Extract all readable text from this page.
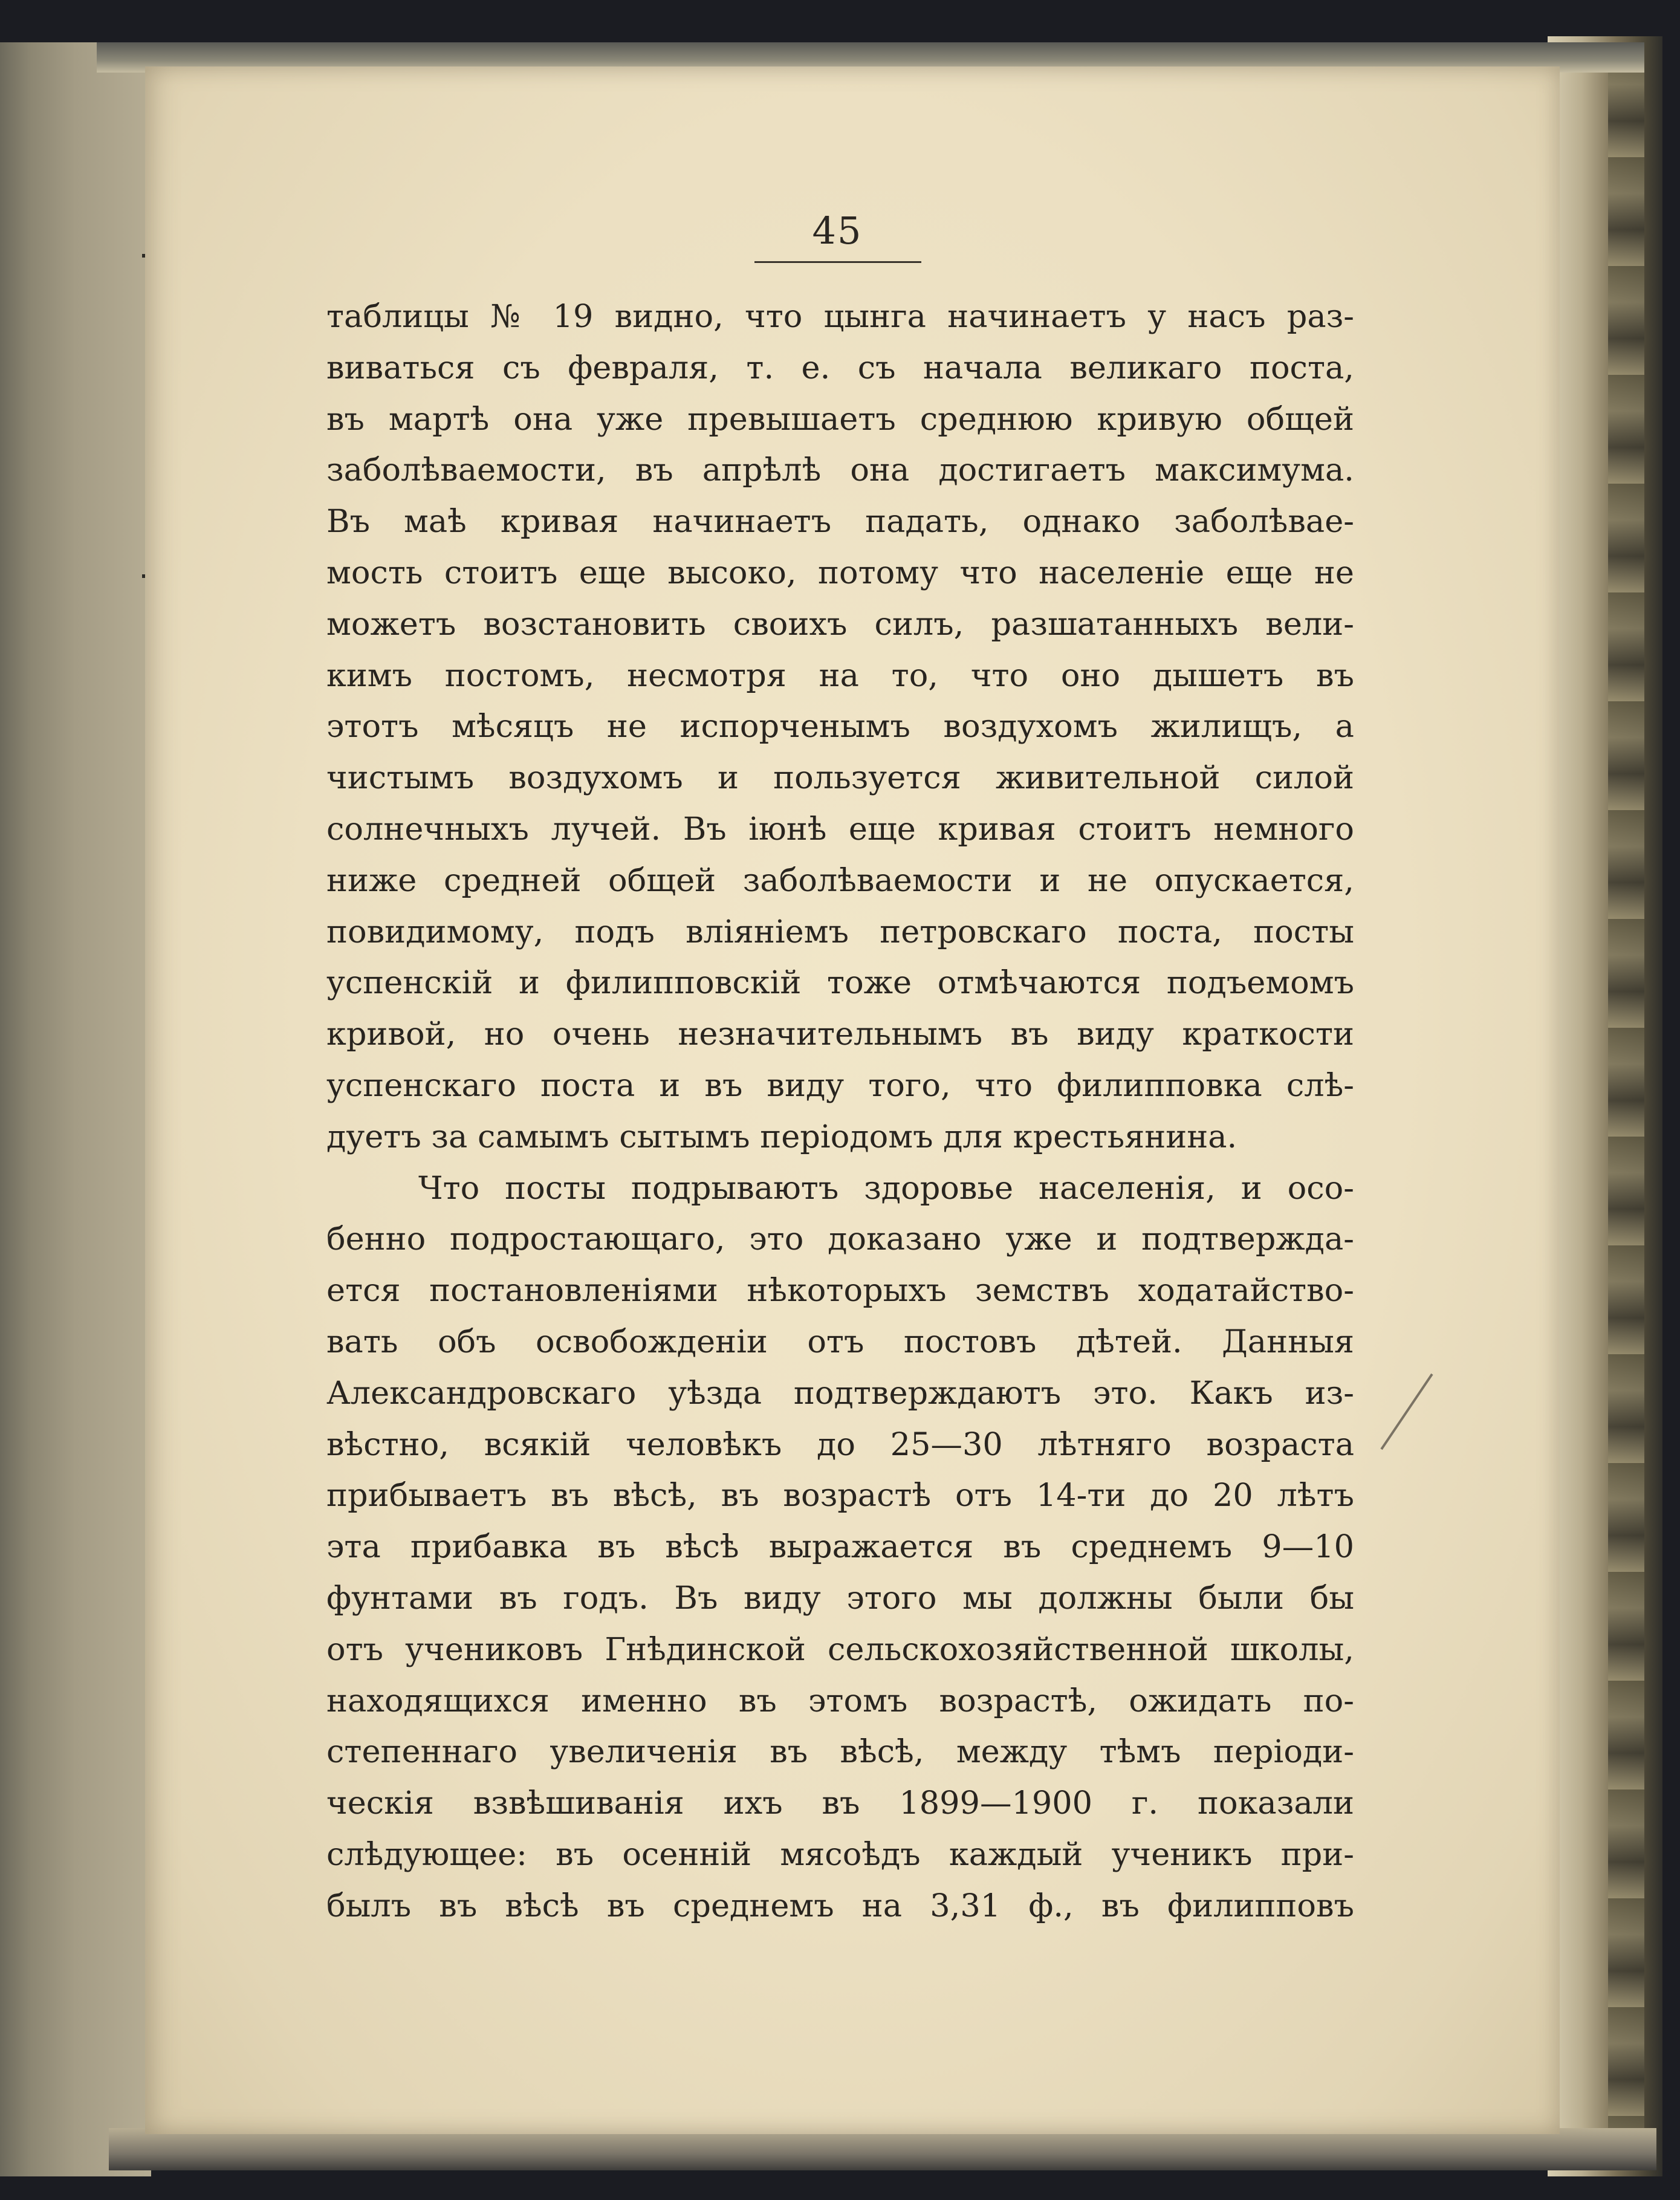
45
таблицы № 19 видно, что цынга начинаетъ у насъ раз-
виваться съ февраля, т. е. съ начала великаго поста,
въ мартѣ она уже превышаетъ среднюю кривую общей
заболѣваемости, въ апрѣлѣ она достигаетъ максимума.
Въ маѣ кривая начинаетъ падать, однако заболѣвае-
мость стоитъ еще высоко, потому что населеніе еще не
можетъ возстановить своихъ силъ, разшатанныхъ вели-
кимъ постомъ, несмотря на то, что оно дышетъ въ
этотъ мѣсяцъ не испорченымъ воздухомъ жилищъ, а
чистымъ воздухомъ и пользуется живительной силой
солнечныхъ лучей. Въ іюнѣ еще кривая стоитъ немного
ниже средней общей заболѣваемости и не опускается,
повидимому, подъ вліяніемъ петровскаго поста, посты
успенскій и филипповскій тоже отмѣчаются подъемомъ
кривой, но очень незначительнымъ въ виду краткости
успенскаго поста и въ виду того, что филипповка слѣ-
дуетъ за самымъ сытымъ періодомъ для крестьянина.
Что посты подрываютъ здоровье населенія, и осо-
бенно подростающаго, это доказано уже и подтвержда-
ется постановленіями нѣкоторыхъ земствъ ходатайство-
вать объ освобожденіи отъ постовъ дѣтей. Данныя
Александровскаго уѣзда подтверждаютъ это. Какъ из-
вѣстно, всякій человѣкъ до 25—30 лѣтняго возраста
прибываетъ въ вѣсѣ, въ возрастѣ отъ 14-ти до 20 лѣтъ
эта прибавка въ вѣсѣ выражается въ среднемъ 9—10
фунтами въ годъ. Въ виду этого мы должны были бы
отъ учениковъ Гнѣдинской сельскохозяйственной школы,
находящихся именно въ этомъ возрастѣ, ожидать по-
степеннаго увеличенія въ вѣсѣ, между тѣмъ періоди-
ческія взвѣшиванія ихъ въ 1899—1900 г. показали
слѣдующее: въ осенній мясоѣдъ каждый ученикъ при-
былъ въ вѣсѣ въ среднемъ на 3,31 ф., въ филипповъ
